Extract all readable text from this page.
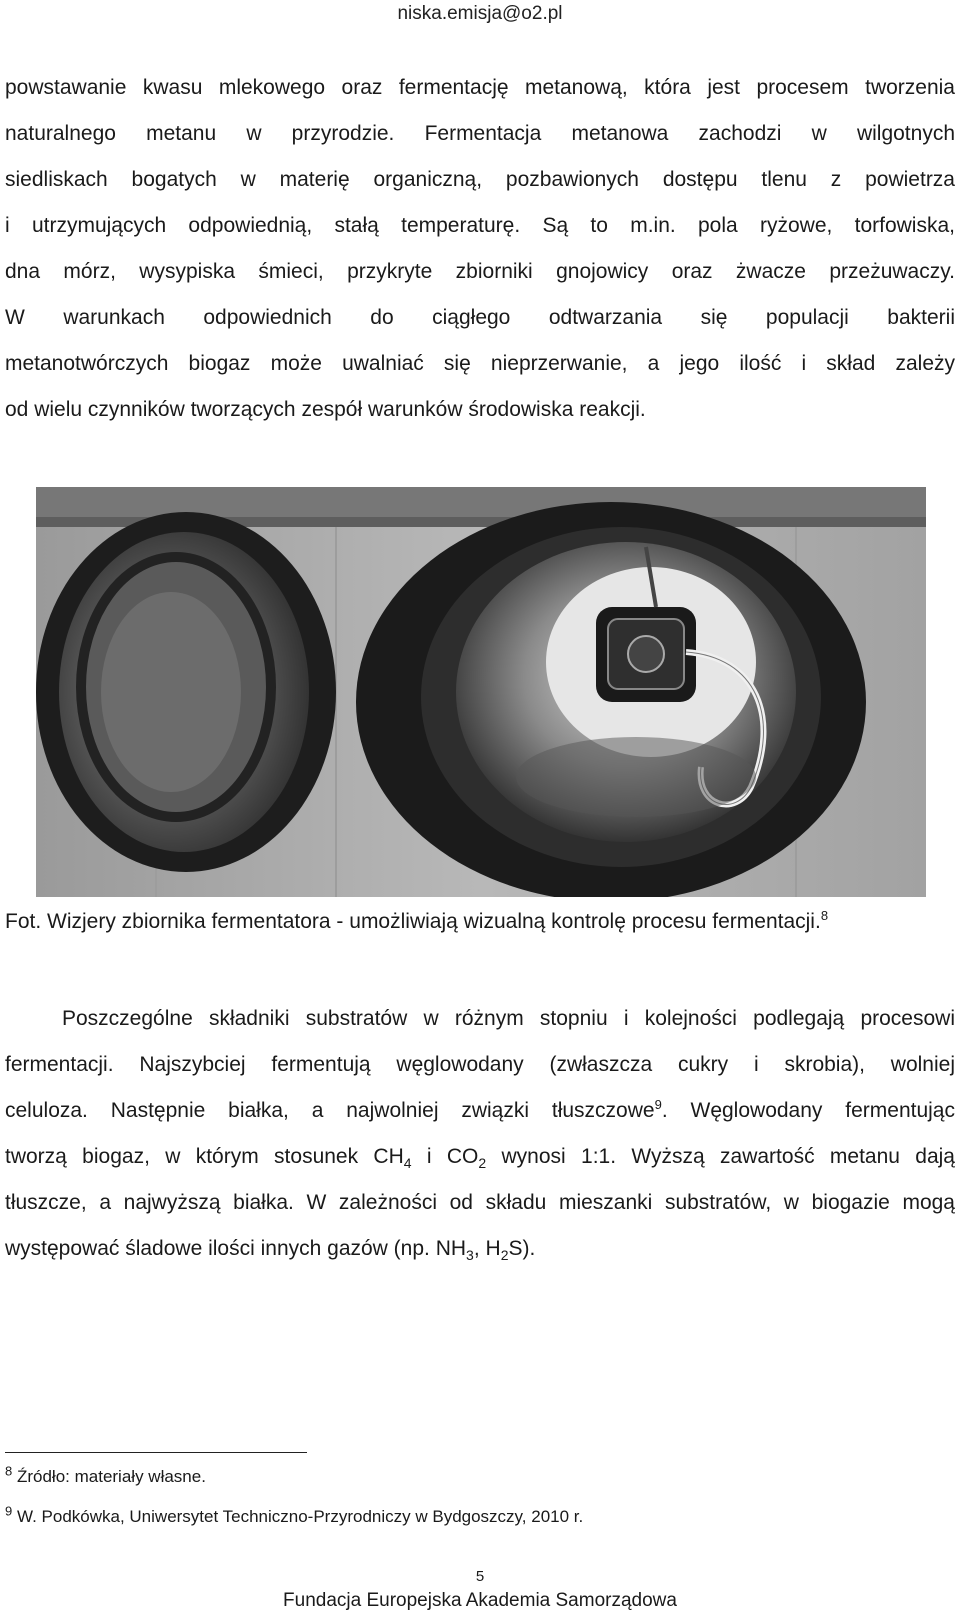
niska.emisja@o2.pl
powstawanie kwasu mlekowego oraz fermentację metanową, która jest procesem tworzenia
naturalnego metanu w przyrodzie. Fermentacja metanowa zachodzi w wilgotnych
siedliskach bogatych w materię organiczną, pozbawionych dostępu tlenu z powietrza
i utrzymujących odpowiednią, stałą temperaturę. Są to m.in. pola ryżowe, torfowiska,
dna mórz, wysypiska śmieci, przykryte zbiorniki gnojowicy oraz żwacze przeżuwaczy.
W warunkach odpowiednich do ciągłego odtwarzania się populacji bakterii
metanotwórczych biogaz może uwalniać się nieprzerwanie, a jego ilość i skład zależy
od wielu czynników tworzących zespół warunków środowiska reakcji.
Fot. Wizjery zbiornika fermentatora - umożliwiają wizualną kontrolę procesu fermentacji.$^8$
Poszczególne składniki substratów w różnym stopniu i kolejności podlegają procesowi
fermentacji. Najszybciej fermentują węglowodany (zwłaszcza cukry i skrobia), wolniej
celuloza. Następnie białka, a najwolniej związki tłuszczowe$^9$. Węglowodany fermentując
tworzą biogaz, w którym stosunek $CH_4$ i $CO_2$ wynosi 1:1. Wyższą zawartość metanu dają
tłuszcze, a najwyższą białka. W zależności od składu mieszanki substratów, w biogazie mogą
występować śladowe ilości innych gazów (np. $NH_3$, $H_2S$).
$^8$ Źródło: materiały własne.
$^9$ W. Podkówka, Uniwersytet Techniczno-Przyrodniczy w Bydgoszczy, 2010 r.
5
Fundacja Europejska Akademia Samorządowa
